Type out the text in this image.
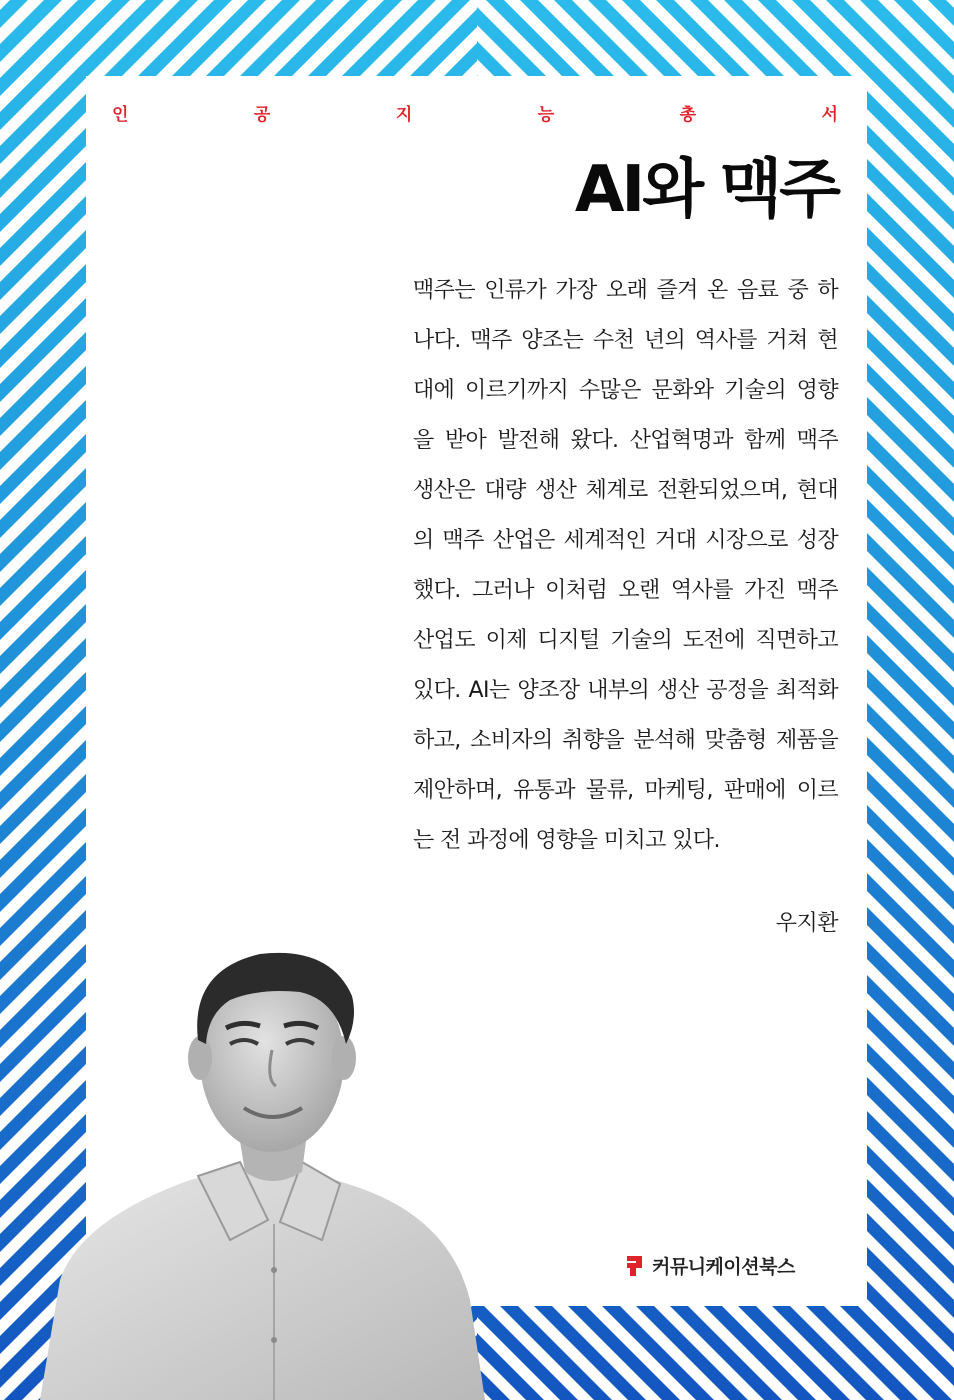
인	공	지	능	총	서
AI와 맥주
맥주는 인류가 가장 오래 즐겨 온 음료 중 하
나다. 맥주 양조는 수천 년의 역사를 거쳐 현
대에 이르기까지 수많은 문화와 기술의 영향
을 받아 발전해 왔다. 산업혁명과 함께 맥주
생산은 대량 생산 체계로 전환되었으며, 현대
의 맥주 산업은 세계적인 거대 시장으로 성장
했다. 그러나 이처럼 오랜 역사를 가진 맥주
산업도 이제 디지털 기술의 도전에 직면하고
있다. AI는 양조장 내부의 생산 공정을 최적화
하고, 소비자의 취향을 분석해 맞춤형 제품을
제안하며, 유통과 물류, 마케팅, 판매에 이르
는 전 과정에 영향을 미치고 있다.
우지환
커뮤니케이션북스
